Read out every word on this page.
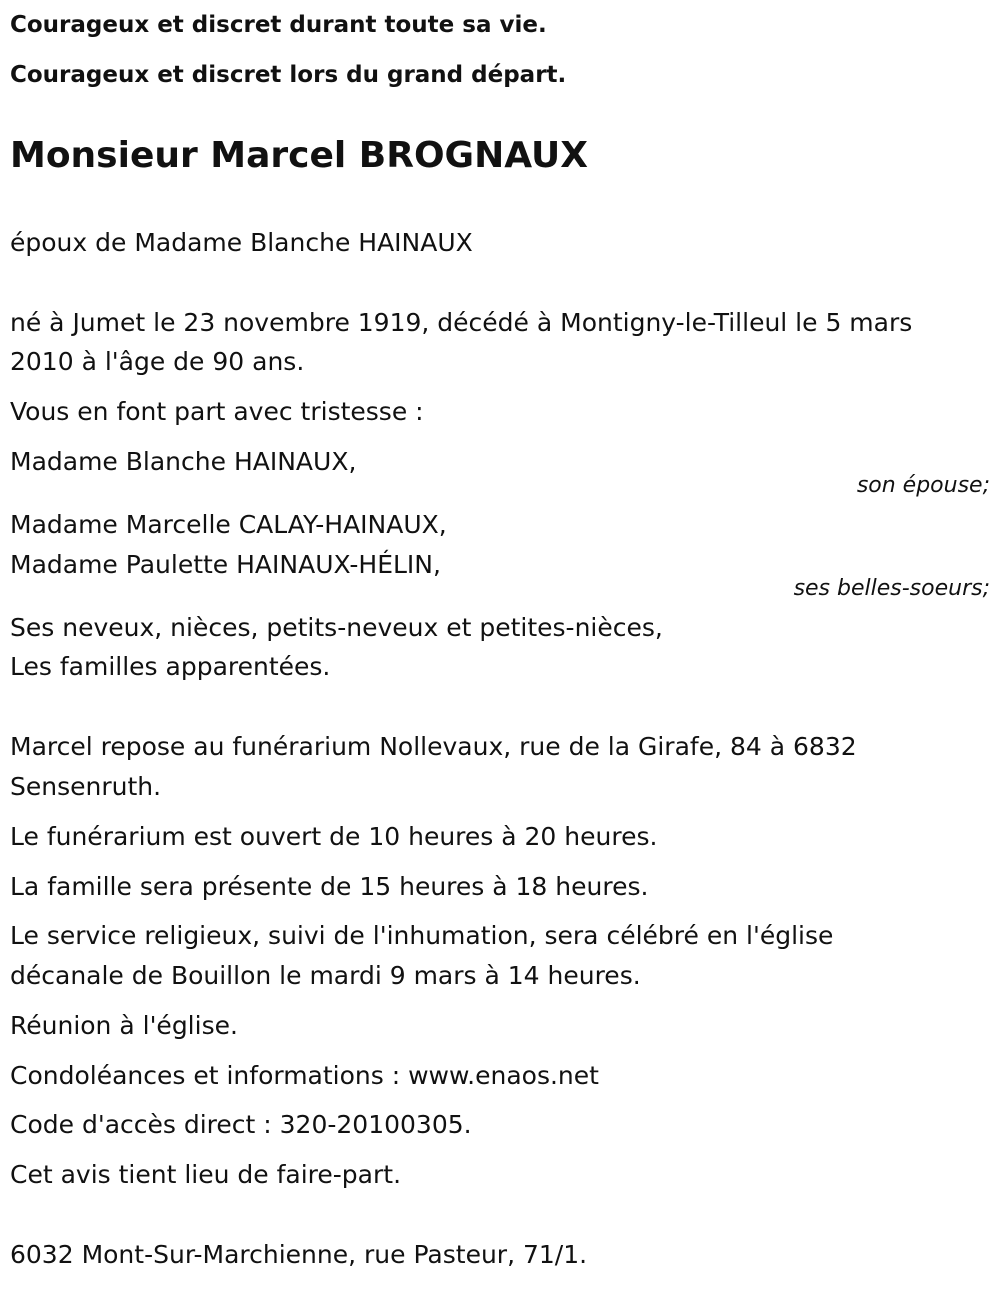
Courageux et discret durant toute sa vie.
Courageux et discret lors du grand départ.
Monsieur Marcel BROGNAUX
époux de Madame Blanche HAINAUX
né à Jumet le 23 novembre 1919, décédé à Montigny-le-Tilleul le 5 mars
2010 à l'âge de 90 ans.
Vous en font part avec tristesse :
Madame Blanche HAINAUX,
son épouse;
Madame Marcelle CALAY-HAINAUX,
Madame Paulette HAINAUX-HÉLIN,
ses belles-soeurs;
Ses neveux, nièces, petits-neveux et petites-nièces,
Les familles apparentées.
Marcel repose au funérarium Nollevaux, rue de la Girafe, 84 à 6832
Sensenruth.
Le funérarium est ouvert de 10 heures à 20 heures.
La famille sera présente de 15 heures à 18 heures.
Le service religieux, suivi de l'inhumation, sera célébré en l'église
décanale de Bouillon le mardi 9 mars à 14 heures.
Réunion à l'église.
Condoléances et informations : www.enaos.net
Code d'accès direct : 320-20100305.
Cet avis tient lieu de faire-part.
6032 Mont-Sur-Marchienne, rue Pasteur, 71/1.
